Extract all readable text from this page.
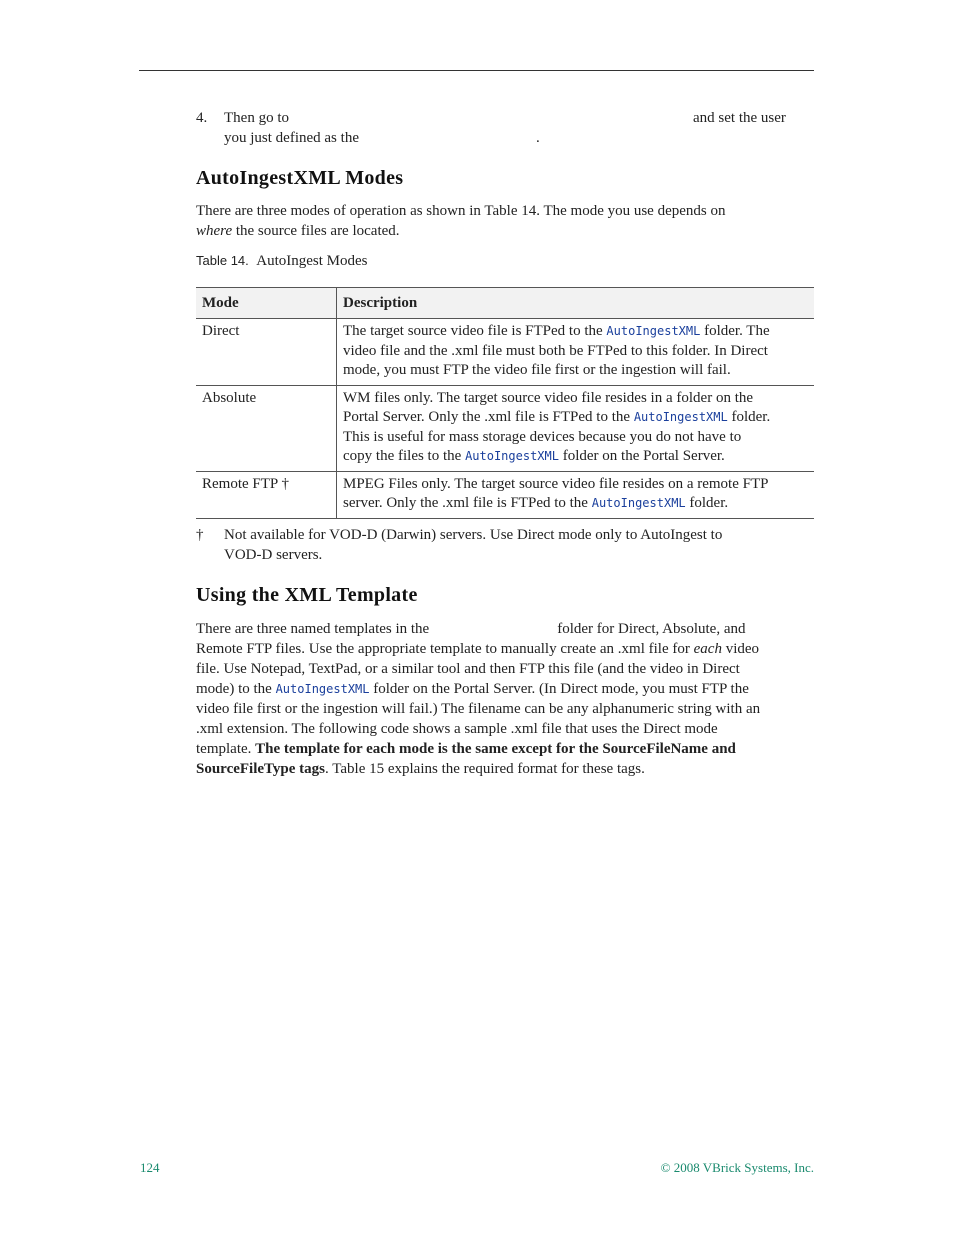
4. Then go to	and set the user
you just defined as the	.
AutoIngestXML Modes
There are three modes of operation as shown in Table 14. The mode you use depends on
where the source files are located.
Table 14. AutoIngest Modes
Mode	Description
Direct	The target source video file is FTPed to the AutoIngestXML folder. The
video file and the .xml file must both be FTPed to this folder. In Direct
mode, you must FTP the video file first or the ingestion will fail.

Absolute	WM files only. The target source video file resides in a folder on the
Portal Server. Only the .xml file is FTPed to the AutoIngestXML folder.
This is useful for mass storage devices because you do not have to
copy the files to the AutoIngestXML folder on the Portal Server.

Remote FTP †	MPEG Files only. The target source video file resides on a remote FTP
server. Only the .xml file is FTPed to the AutoIngestXML folder.
† Not available for VOD-D (Darwin) servers. Use Direct mode only to AutoIngest to
VOD-D servers.
Using the XML Template
There are three named templates in the	folder for Direct, Absolute, and
Remote FTP files. Use the appropriate template to manually create an .xml file for each video
file. Use Notepad, TextPad, or a similar tool and then FTP this file (and the video in Direct
mode) to the AutoIngestXML folder on the Portal Server. (In Direct mode, you must FTP the
video file first or the ingestion will fail.) The filename can be any alphanumeric string with an
.xml extension. The following code shows a sample .xml file that uses the Direct mode
template. The template for each mode is the same except for the SourceFileName and
SourceFileType tags. Table 15 explains the required format for these tags.
124	© 2008 VBrick Systems, Inc.
